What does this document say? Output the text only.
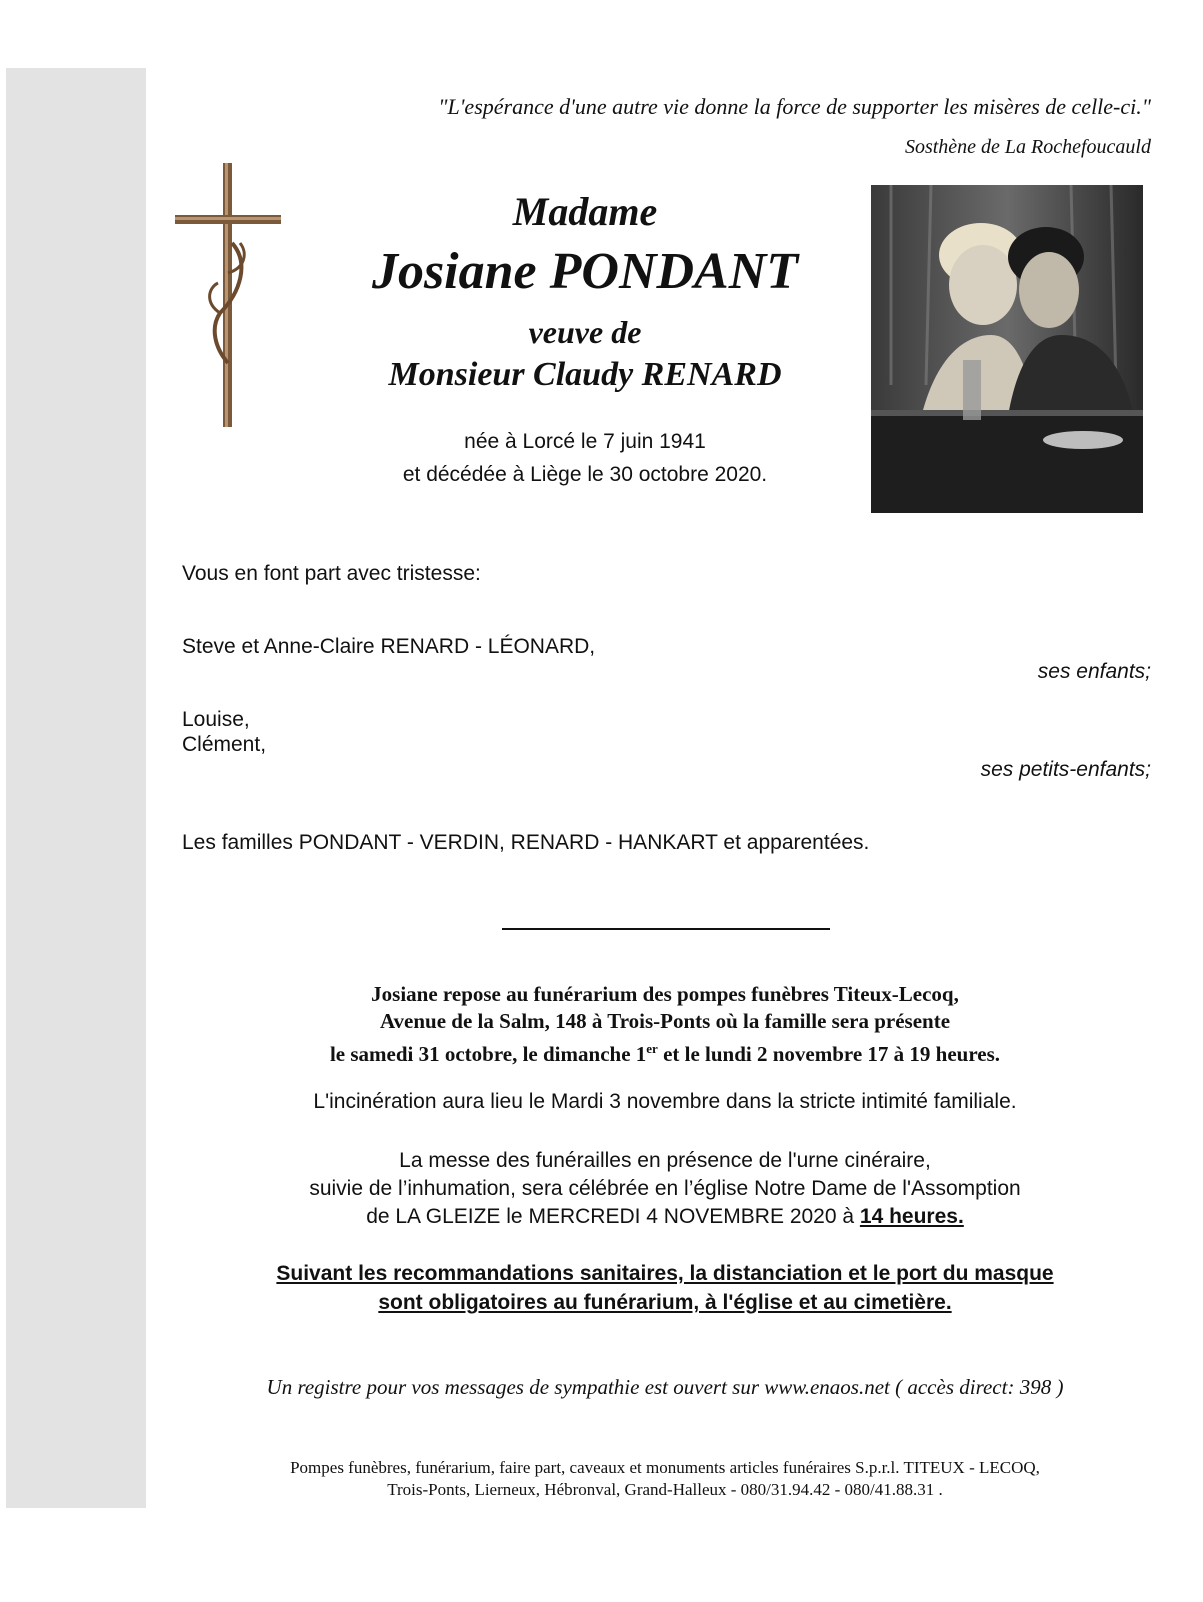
"L'espérance d'une autre vie donne la force de supporter les misères de celle-ci."
Sosthène de La Rochefoucauld
Madame
Josiane PONDANT
veuve de
Monsieur Claudy RENARD
née à Lorcé le 7 juin 1941
et décédée à Liège le 30 octobre 2020.
Vous en font part avec tristesse:
Steve et Anne-Claire RENARD - LÉONARD,
ses enfants;
Louise,
Clément,
ses petits-enfants;
Les familles PONDANT - VERDIN, RENARD - HANKART et apparentées.
Josiane repose au funérarium des pompes funèbres Titeux-Lecoq,
Avenue de la Salm, 148 à Trois-Ponts où la famille sera présente
le samedi 31 octobre, le dimanche 1er et le lundi 2 novembre 17 à 19 heures.
L'incinération aura lieu le Mardi 3 novembre dans la stricte intimité familiale.
La messe des funérailles en présence de l'urne cinéraire,
suivie de l’inhumation, sera célébrée en l’église Notre Dame de l'Assomption
de LA GLEIZE le MERCREDI 4 NOVEMBRE 2020 à 14 heures.
Suivant les recommandations sanitaires, la distanciation et le port du masque
sont obligatoires au funérarium, à l'église et au cimetière.
Un registre pour vos messages de sympathie est ouvert sur www.enaos.net ( accès direct: 398 )
Pompes funèbres, funérarium, faire part, caveaux et monuments articles funéraires S.p.r.l. TITEUX - LECOQ,
Trois-Ponts, Lierneux, Hébronval, Grand-Halleux - 080/31.94.42 - 080/41.88.31 .
